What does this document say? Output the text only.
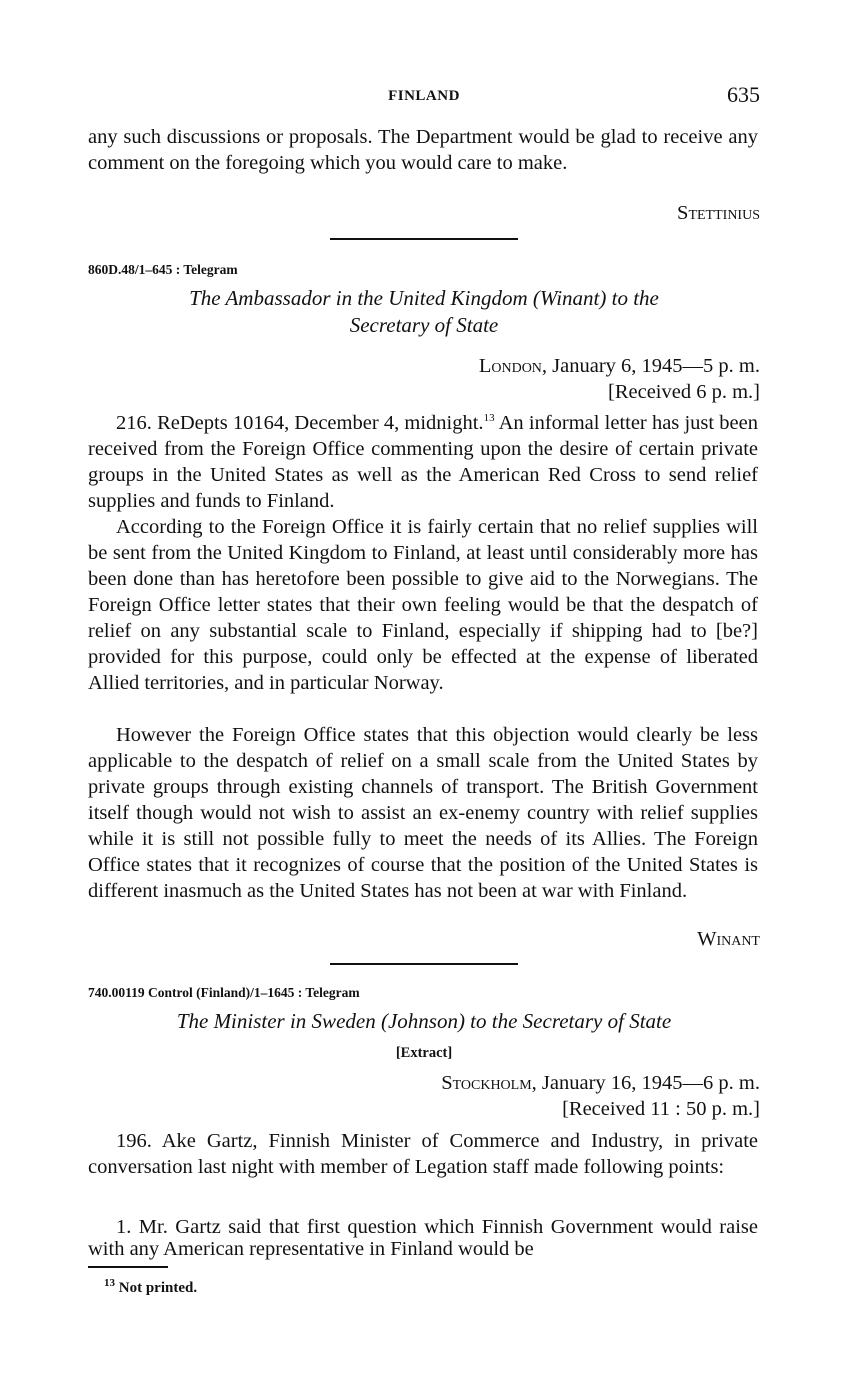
FINLAND	635

any such discussions or proposals. The Department would be glad to receive any comment on the foregoing which you would care to make.

Stettinius
860D.48/1–645 : Telegram
The Ambassador in the United Kingdom (Winant) to the
Secretary of State
London, January 6, 1945—5 p. m.
[Received 6 p. m.]

216. ReDepts 10164, December 4, midnight.$^{13}$ An informal letter has just been received from the Foreign Office commenting upon the desire of certain private groups in the United States as well as the American Red Cross to send relief supplies and funds to Finland.

According to the Foreign Office it is fairly certain that no relief supplies will be sent from the United Kingdom to Finland, at least until considerably more has been done than has heretofore been possible to give aid to the Norwegians. The Foreign Office letter states that their own feeling would be that the despatch of relief on any substantial scale to Finland, especially if shipping had to [be?] provided for this purpose, could only be effected at the expense of liberated Allied territories, and in particular Norway.

However the Foreign Office states that this objection would clearly be less applicable to the despatch of relief on a small scale from the United States by private groups through existing channels of transport. The British Government itself though would not wish to assist an ex-enemy country with relief supplies while it is still not possible fully to meet the needs of its Allies. The Foreign Office states that it recognizes of course that the position of the United States is different inasmuch as the United States has not been at war with Finland.

Winant
740.00119 Control (Finland)/1–1645 : Telegram
The Minister in Sweden (Johnson) to the Secretary of State
[Extract]
Stockholm, January 16, 1945—6 p. m.
[Received 11 : 50 p. m.]

196. Ake Gartz, Finnish Minister of Commerce and Industry, in private conversation last night with member of Legation staff made following points:

1. Mr. Gartz said that first question which Finnish Government would raise with any American representative in Finland would be

$^{13}$ Not printed.
